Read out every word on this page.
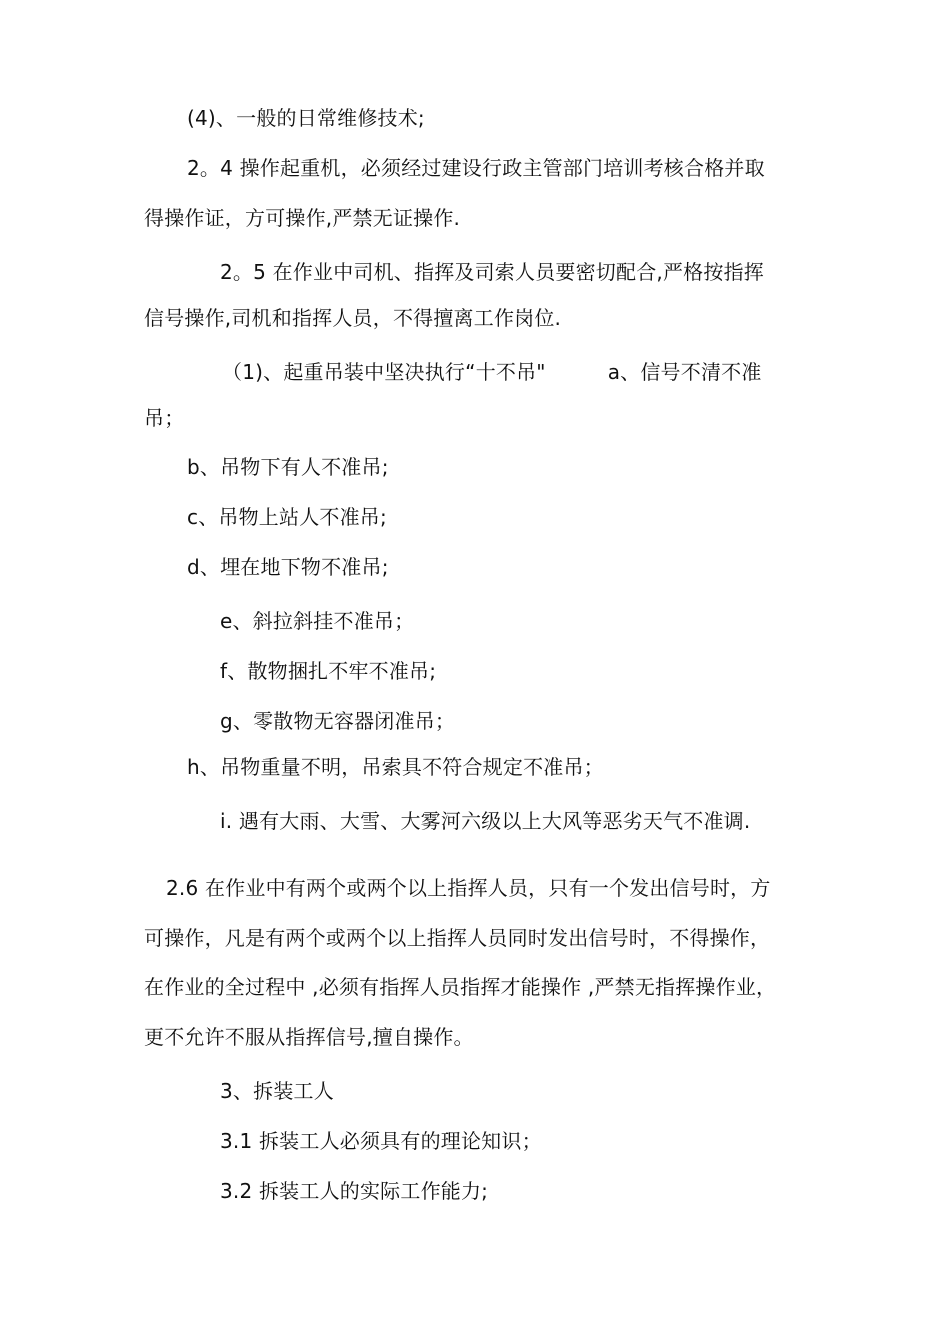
(4)、一般的日常维修技术;
2。4 操作起重机，必须经过建设行政主管部门培训考核合格并取
得操作证，方可操作,严禁无证操作.
2。5 在作业中司机、指挥及司索人员要密切配合,严格按指挥
信号操作,司机和指挥人员，不得擅离工作岗位.
（1)、起重吊装中坚决执行“十不吊"	a、信号不清不准
吊；
b、吊物下有人不准吊;
c、吊物上站人不准吊;
d、埋在地下物不准吊;
e、斜拉斜挂不准吊；
f、散物捆扎不牢不准吊;
g、零散物无容器闭准吊；
h、吊物重量不明，吊索具不符合规定不准吊；
i. 遇有大雨、大雪、大雾河六级以上大风等恶劣天气不准调.
2.6 在作业中有两个或两个以上指挥人员，只有一个发出信号时，方
可操作，凡是有两个或两个以上指挥人员同时发出信号时，不得操作，
在作业的全过程中 ,必须有指挥人员指挥才能操作 ,严禁无指挥操作业，
更不允许不服从指挥信号,擅自操作。
3、拆装工人
3.1 拆装工人必须具有的理论知识；
3.2 拆装工人的实际工作能力;
